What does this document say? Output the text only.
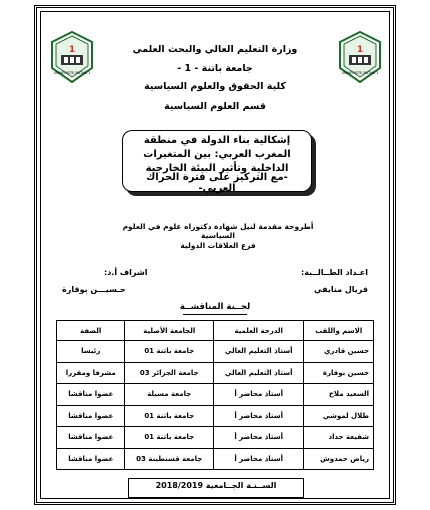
1
UNIVERSITE BATNA 1
1
UNIVERSITE BATNA 1
وزارة التعليم العالي والبحث العلمي
جامعة باتنة - 1 -
كلية الحقوق والعلوم السياسية
قسم العلوم السياسية
إشكالية بناء الدولة في منطقة المغرب العربي: بين المتغيرات الداخلية وتأثير البيئة الخارجية
-مع التركيز على فترة الحراك العربي-
أطروحة مقدمة لنيل شهادة دكتوراه علوم في العلوم السياسية
فرع العلاقات الدولية
اعـداد الطــالــبة:
فريال منايفي
اشراف أ.د:
حـسيـــن بوقارة
لجــنة المناقشــة
الاسم واللقب	الدرجة العلمية	الجامعة الأصلية	الصفة
حسين قادري	أستاذ التعليم العالي	جامعة باتنة 01	رئيسا
حسين بوقارة	أستاذ التعليم العالي	جامعة الجزائر 03	مشرفا ومقررا
السعيد ملاح	أستاذ محاضر أ	جامعة مسيلة	عضوا مناقشا
طلال لموشي	أستاذ محاضر أ	جامعة باتنة 01	عضوا مناقشا
شفيعة حداد	أستاذ محاضر أ	جامعة باتنة 01	عضوا مناقشا
رياض حمدوش	أستاذ محاضر أ	جامعة قسنطينة 03	عضوا مناقشا
الســنـة الجــامعية 2018/2019
